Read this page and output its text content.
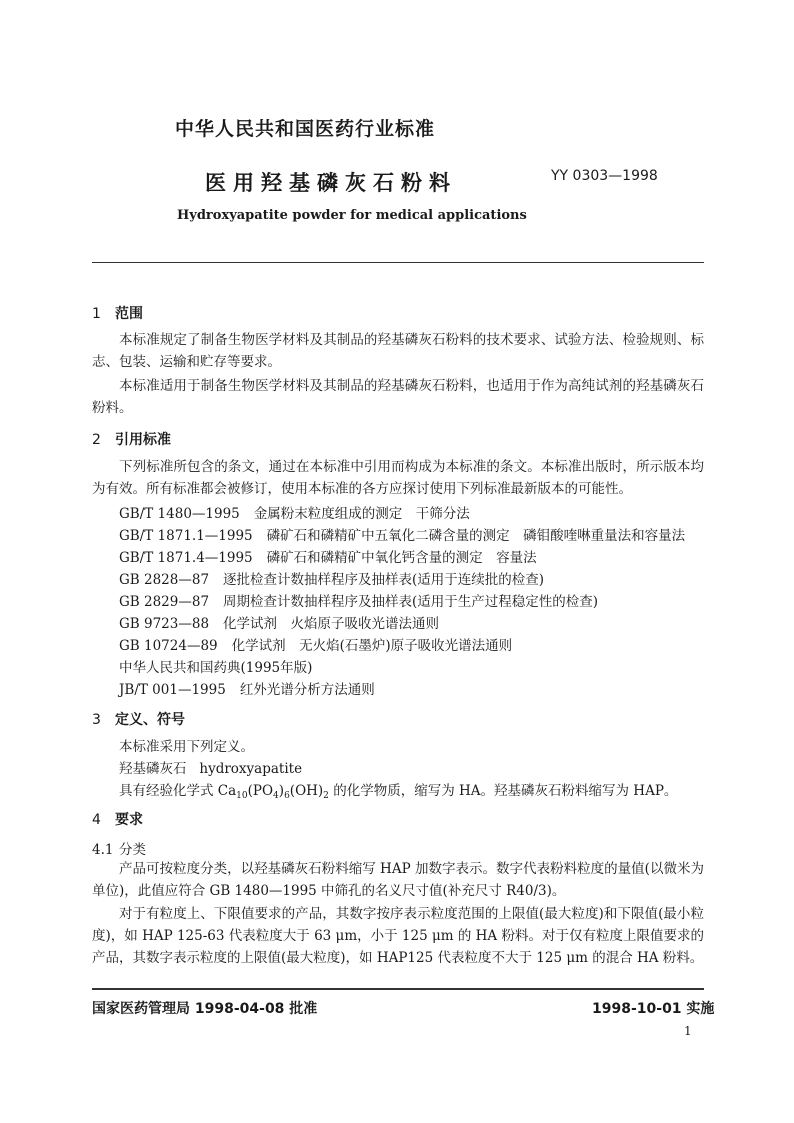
中华人民共和国医药行业标准
医用羟基磷灰石粉料	YY 0303—1998
Hydroxyapatite powder for medical applications
1 范围
本标准规定了制备生物医学材料及其制品的羟基磷灰石粉料的技术要求、试验方法、检验规则、标志、包装、运输和贮存等要求。
本标准适用于制备生物医学材料及其制品的羟基磷灰石粉料，也适用于作为高纯试剂的羟基磷灰石粉料。
2 引用标准
下列标准所包含的条文，通过在本标准中引用而构成为本标准的条文。本标准出版时，所示版本均为有效。所有标准都会被修订，使用本标准的各方应探讨使用下列标准最新版本的可能性。
GB/T 1480—1995 金属粉末粒度组成的测定　干筛分法
GB/T 1871.1—1995 磷矿石和磷精矿中五氧化二磷含量的测定　磷钼酸喹啉重量法和容量法
GB/T 1871.4—1995 磷矿石和磷精矿中氧化钙含量的测定　容量法
GB 2828—87 逐批检查计数抽样程序及抽样表(适用于连续批的检查)
GB 2829—87 周期检查计数抽样程序及抽样表(适用于生产过程稳定性的检查)
GB 9723—88 化学试剂　火焰原子吸收光谱法通则
GB 10724—89 化学试剂　无火焰(石墨炉)原子吸收光谱法通则
中华人民共和国药典(1995年版)
JB/T 001—1995 红外光谱分析方法通则
3 定义、符号
本标准采用下列定义。
羟基磷灰石 hydroxyapatite
具有经验化学式 $Ca_{10}(PO_4)_6(OH)_2$ 的化学物质，缩写为 HA。羟基磷灰石粉料缩写为 HAP。
4 要求
4.1 分类
产品可按粒度分类，以羟基磷灰石粉料缩写 HAP 加数字表示。数字代表粉料粒度的量值(以微米为单位)，此值应符合 GB 1480—1995 中筛孔的名义尺寸值(补充尺寸 R40/3)。
对于有粒度上、下限值要求的产品，其数字按序表示粒度范围的上限值(最大粒度)和下限值(最小粒度)，如 HAP 125-63 代表粒度大于 63 μm，小于 125 μm 的 HA 粉料。对于仅有粒度上限值要求的产品，其数字表示粒度的上限值(最大粒度)，如 HAP125 代表粒度不大于 125 μm 的混合 HA 粉料。
国家医药管理局 1998-04-08 批准	1998-10-01 实施
1
